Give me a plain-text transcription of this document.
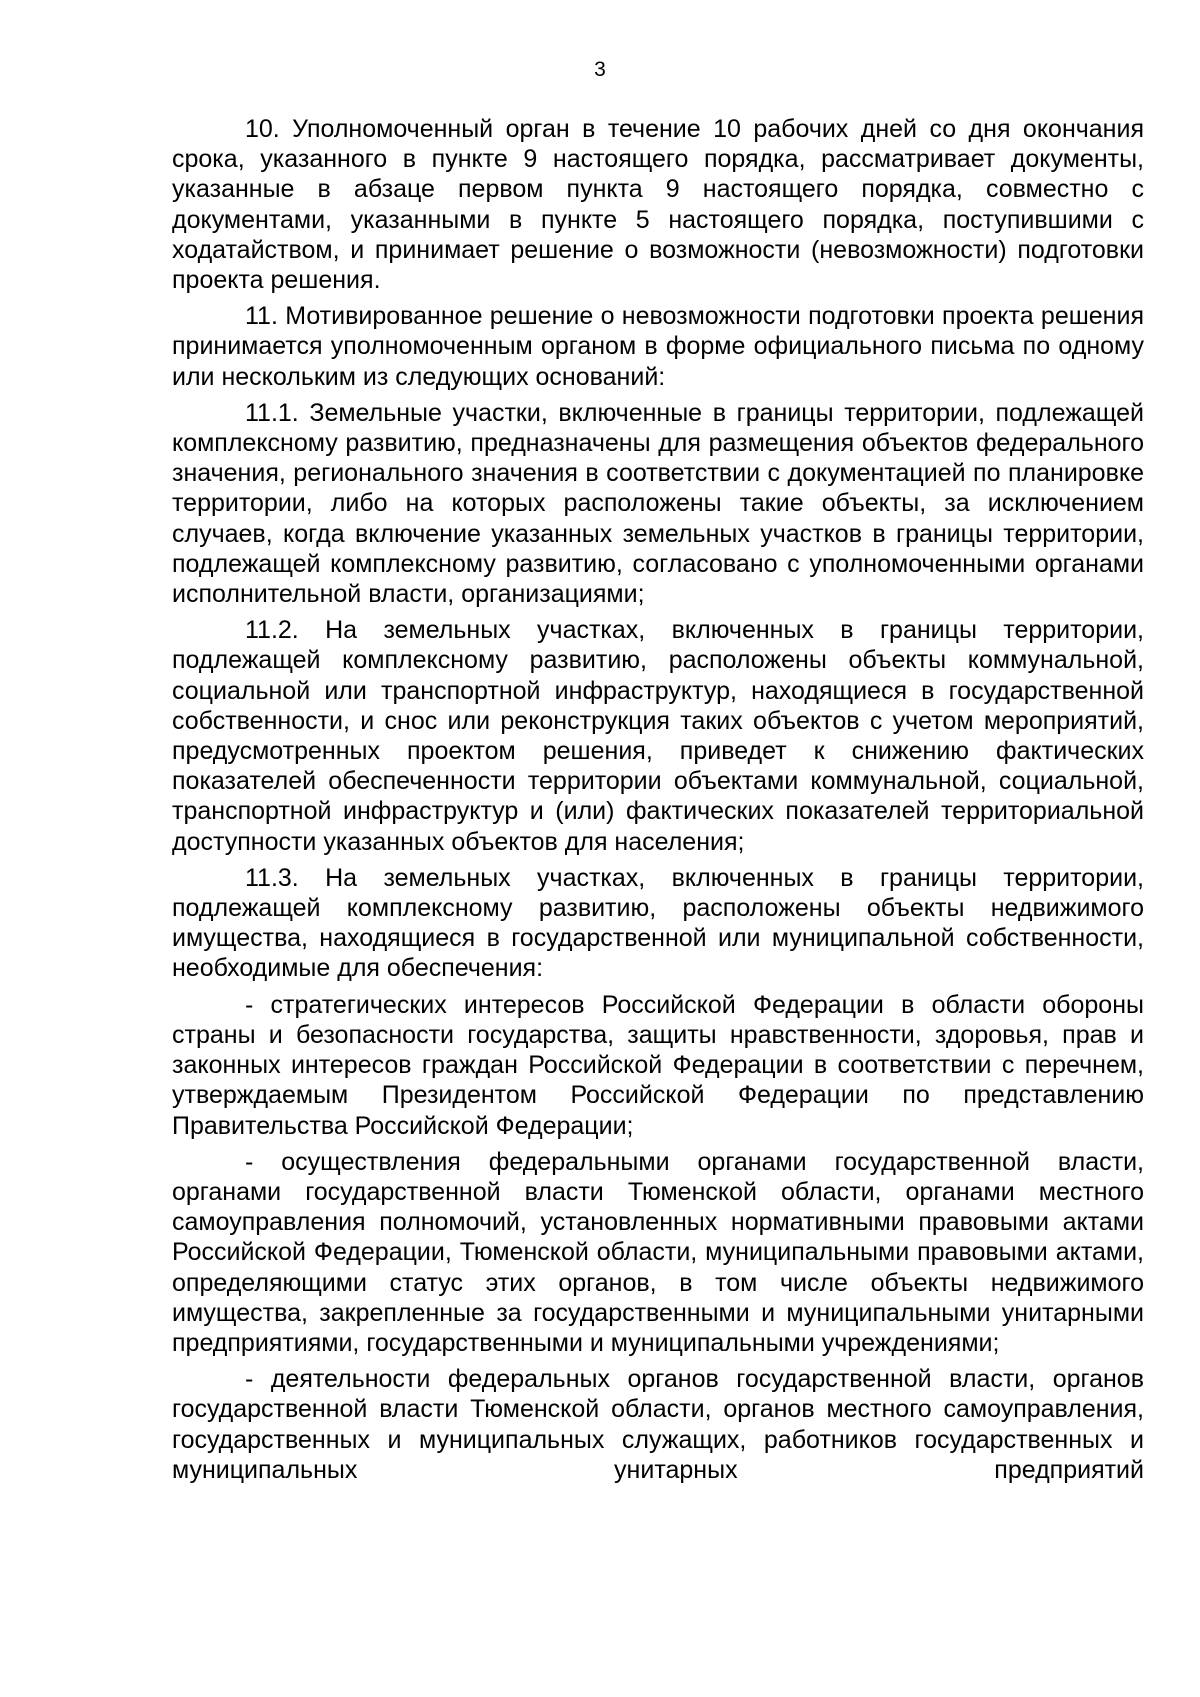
3

10. Уполномоченный орган в течение 10 рабочих дней со дня окончания срока, указанного в пункте 9 настоящего порядка, рассматривает документы, указанные в абзаце первом пункта 9 настоящего порядка, совместно с документами, указанными в пункте 5 настоящего порядка, поступившими с ходатайством, и принимает решение о возможности (невозможности) подготовки проекта решения.

11. Мотивированное решение о невозможности подготовки проекта решения принимается уполномоченным органом в форме официального письма по одному или нескольким из следующих оснований:

11.1. Земельные участки, включенные в границы территории, подлежащей комплексному развитию, предназначены для размещения объектов федерального значения, регионального значения в соответствии с документацией по планировке территории, либо на которых расположены такие объекты, за исключением случаев, когда включение указанных земельных участков в границы территории, подлежащей комплексному развитию, согласовано с уполномоченными органами исполнительной власти, организациями;

11.2. На земельных участках, включенных в границы территории, подлежащей комплексному развитию, расположены объекты коммунальной, социальной или транспортной инфраструктур, находящиеся в государственной собственности, и снос или реконструкция таких объектов с учетом мероприятий, предусмотренных проектом решения, приведет к снижению фактических показателей обеспеченности территории объектами коммунальной, социальной, транспортной инфраструктур и (или) фактических показателей территориальной доступности указанных объектов для населения;

11.3. На земельных участках, включенных в границы территории, подлежащей комплексному развитию, расположены объекты недвижимого имущества, находящиеся в государственной или муниципальной собственности, необходимые для обеспечения:

- стратегических интересов Российской Федерации в области обороны страны и безопасности государства, защиты нравственности, здоровья, прав и законных интересов граждан Российской Федерации в соответствии с перечнем, утверждаемым Президентом Российской Федерации по представлению Правительства Российской Федерации;

- осуществления федеральными органами государственной власти, органами государственной власти Тюменской области, органами местного самоуправления полномочий, установленных нормативными правовыми актами Российской Федерации, Тюменской области, муниципальными правовыми актами, определяющими статус этих органов, в том числе объекты недвижимого имущества, закрепленные за государственными и муниципальными унитарными предприятиями, государственными и муниципальными учреждениями;

- деятельности федеральных органов государственной власти, органов государственной власти Тюменской области, органов местного самоуправления, государственных и муниципальных служащих, работников государственных и муниципальных унитарных предприятий
